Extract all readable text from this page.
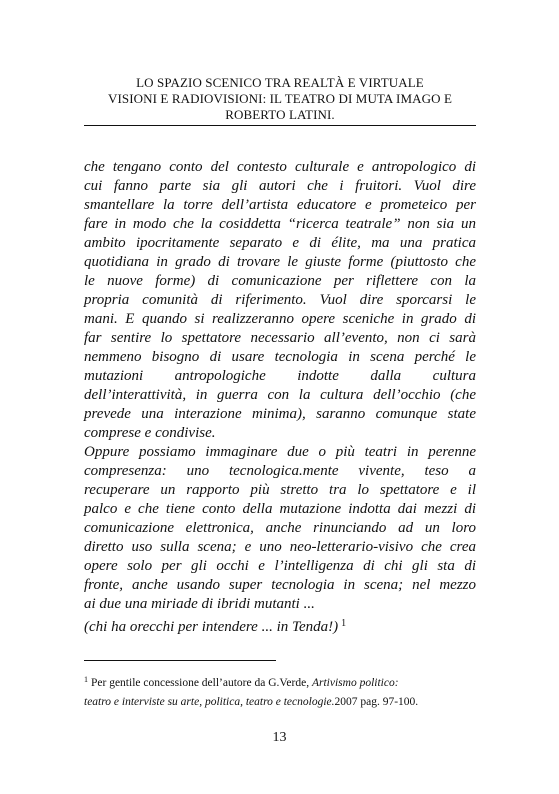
LO SPAZIO SCENICO TRA REALTÀ E VIRTUALE
VISIONI E RADIOVISIONI: IL TEATRO DI MUTA IMAGO E
ROBERTO LATINI.
che tengano conto del contesto culturale e antropologico di
cui fanno parte sia gli autori che i fruitori. Vuol dire
smantellare la torre dell’artista educatore e prometeico per
fare in modo che la cosiddetta “ricerca teatrale” non sia un
ambito ipocritamente separato e di élite, ma una pratica
quotidiana in grado di trovare le giuste forme (piuttosto che
le nuove forme) di comunicazione per riflettere con la
propria comunità di riferimento. Vuol dire sporcarsi le
mani. E quando si realizzeranno opere sceniche in grado di
far sentire lo spettatore necessario all’evento, non ci sarà
nemmeno bisogno di usare tecnologia in scena perché le
mutazioni antropologiche indotte dalla cultura
dell’interattività, in guerra con la cultura dell’occhio (che
prevede una interazione minima), saranno comunque state
comprese e condivise.
Oppure possiamo immaginare due o più teatri in perenne
compresenza: uno tecnologica.mente vivente, teso a
recuperare un rapporto più stretto tra lo spettatore e il
palco e che tiene conto della mutazione indotta dai mezzi di
comunicazione elettronica, anche rinunciando ad un loro
diretto uso sulla scena; e uno neo-letterario-visivo che crea
opere solo per gli occhi e l’intelligenza di chi gli sta di
fronte, anche usando super tecnologia in scena; nel mezzo
ai due una miriade di ibridi mutanti ...
(chi ha orecchi per intendere ... in Tenda!) $^1$
$^1$ Per gentile concessione dell’autore da G.Verde, Artivismo politico:
teatro e interviste su arte, politica, teatro e tecnologie.2007 pag. 97-100.
13
